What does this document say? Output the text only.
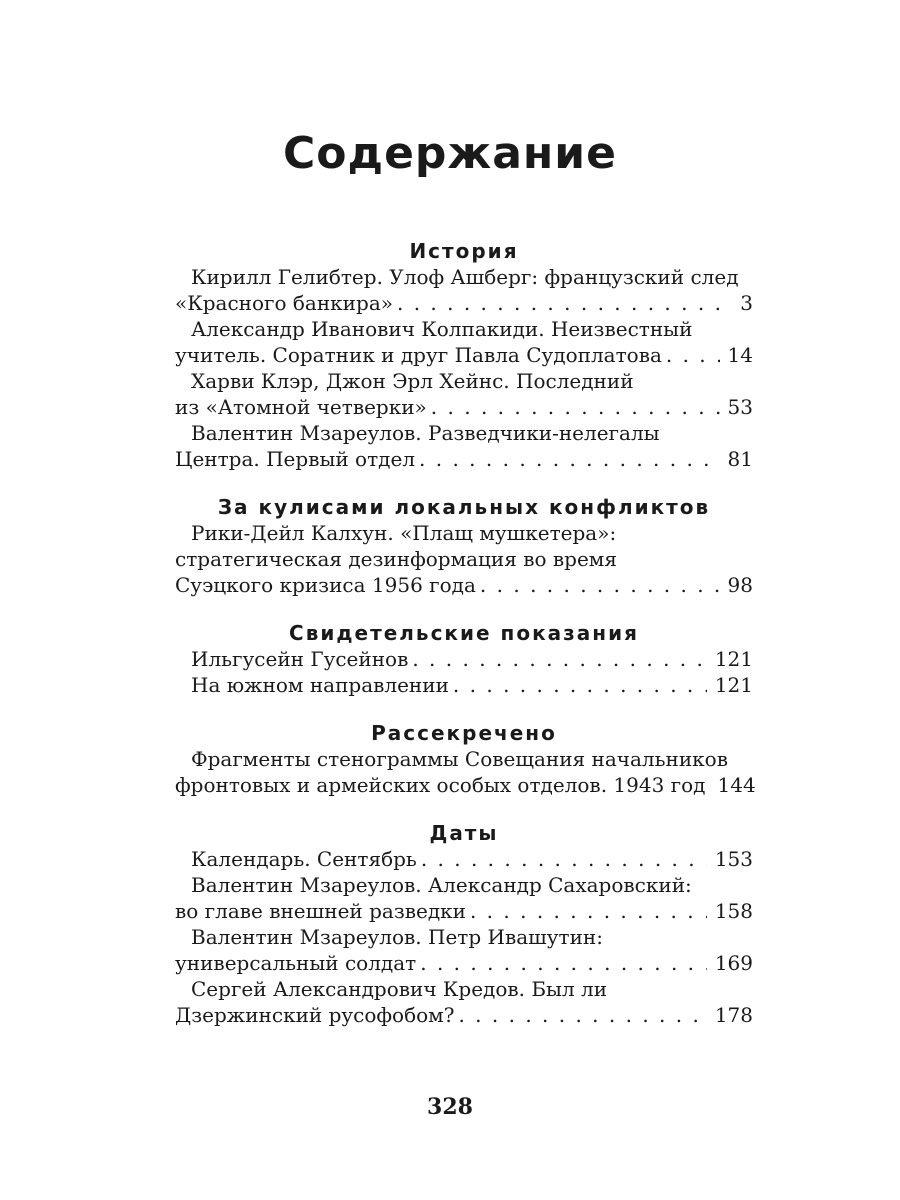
Содержание
История
Кирилл Гелибтер. Улоф Ашберг: французский след
«Красного банкира» . . .	3
Александр Иванович Колпакиди. Неизвестный
учитель. Соратник и друг Павла Судоплатова . . .	14
Харви Клэр, Джон Эрл Хейнс. Последний
из «Атомной четверки» . . .	53
Валентин Мзареулов. Разведчики-нелегалы
Центра. Первый отдел . . .	81
За кулисами локальных конфликтов
Рики-Дейл Калхун. «Плащ мушкетера»:
стратегическая дезинформация во время
Суэцкого кризиса 1956 года . . .	98
Свидетельские показания
Ильгусейн Гусейнов . . .	121
На южном направлении . . .	121
Рассекречено
Фрагменты стенограммы Совещания начальников
фронтовых и армейских особых отделов. 1943 год 144
Даты
Календарь. Сентябрь . . .	153
Валентин Мзареулов. Александр Сахаровский:
во главе внешней разведки . . .	158
Валентин Мзареулов. Петр Ивашутин:
универсальный солдат . . .	169
Сергей Александрович Кредов. Был ли
Дзержинский русофобом? . . .	178
328
